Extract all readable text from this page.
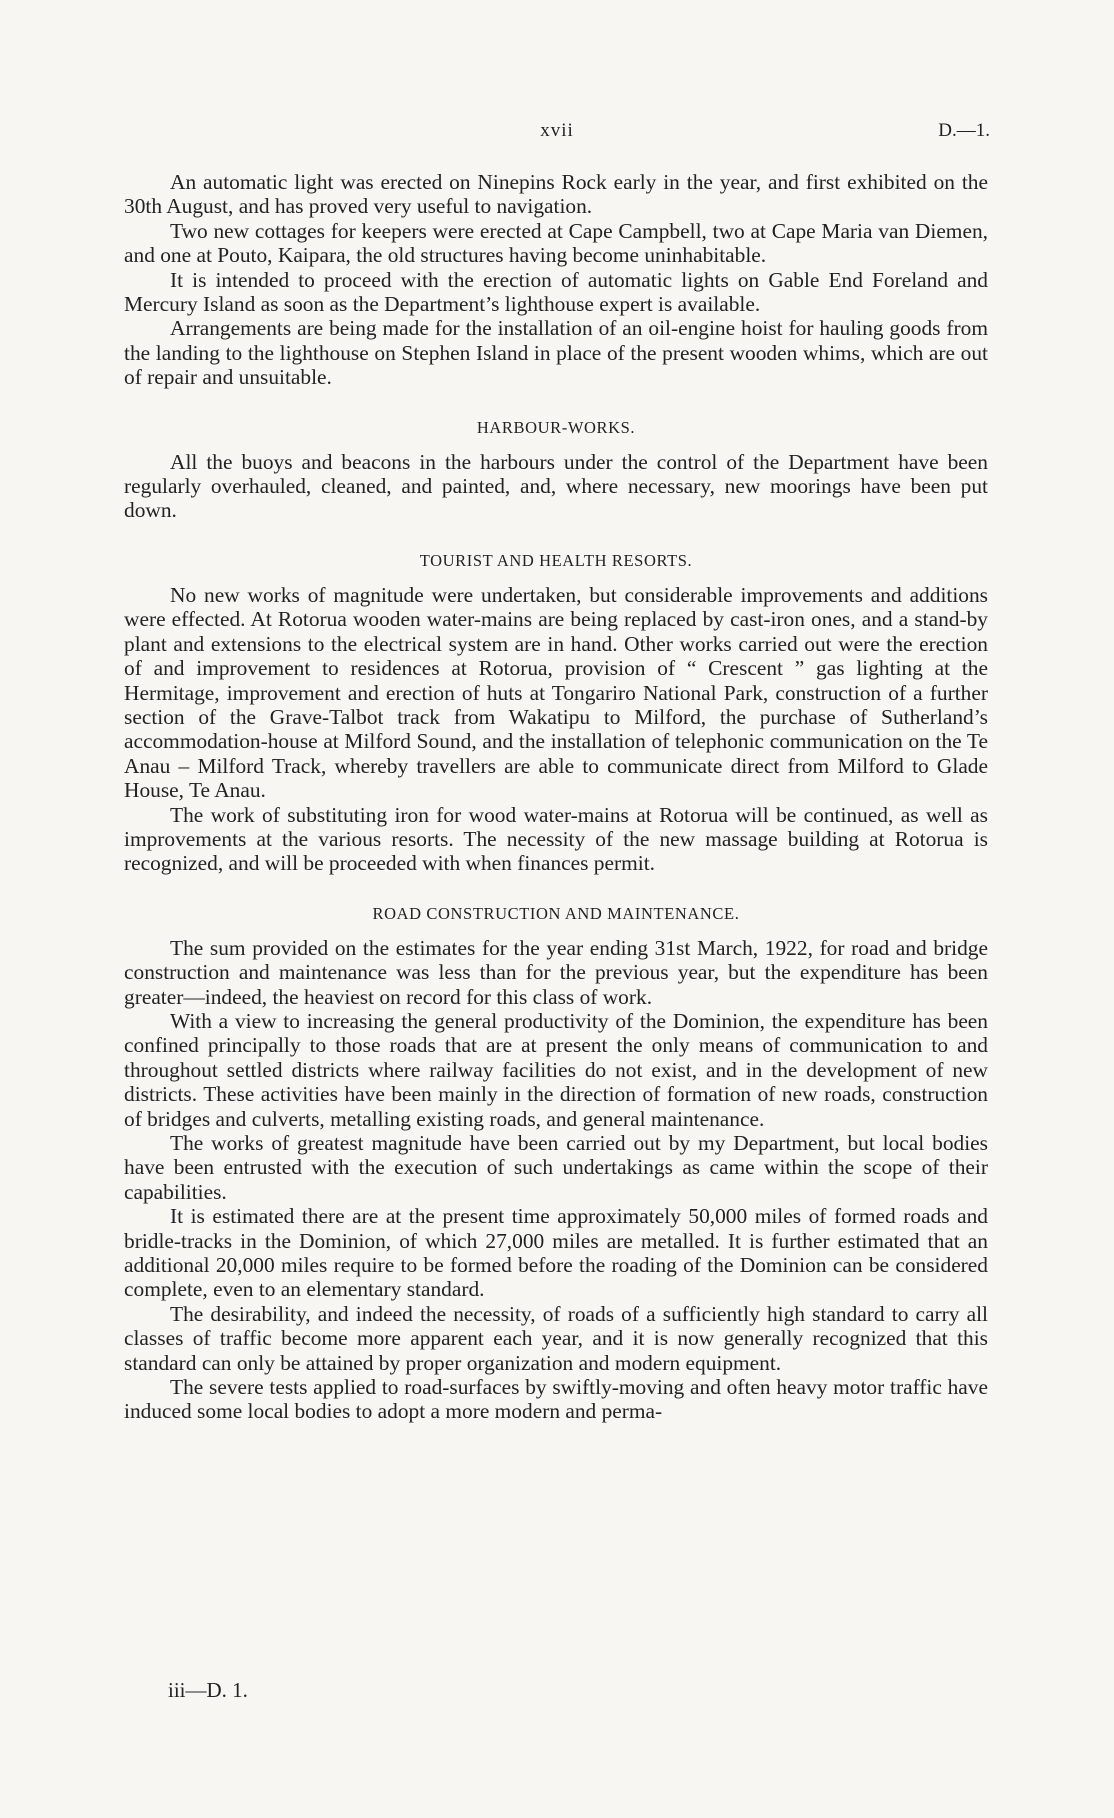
xvii	D.—1.

An automatic light was erected on Ninepins Rock early in the year, and first exhibited on the 30th August, and has proved very useful to navigation.

Two new cottages for keepers were erected at Cape Campbell, two at Cape Maria van Diemen, and one at Pouto, Kaipara, the old structures having become uninhabitable.

It is intended to proceed with the erection of automatic lights on Gable End Foreland and Mercury Island as soon as the Department’s lighthouse expert is available.

Arrangements are being made for the installation of an oil-engine hoist for hauling goods from the landing to the lighthouse on Stephen Island in place of the present wooden whims, which are out of repair and unsuitable.

HARBOUR-WORKS.

All the buoys and beacons in the harbours under the control of the Department have been regularly overhauled, cleaned, and painted, and, where necessary, new moorings have been put down.

TOURIST AND HEALTH RESORTS.

No new works of magnitude were undertaken, but considerable improvements and additions were effected. At Rotorua wooden water-mains are being replaced by cast-iron ones, and a stand-by plant and extensions to the electrical system are in hand. Other works carried out were the erection of and improvement to residences at Rotorua, provision of “ Crescent ” gas lighting at the Hermitage, improvement and erection of huts at Tongariro National Park, construction of a further section of the Grave-Talbot track from Wakatipu to Milford, the purchase of Sutherland’s accommodation-house at Milford Sound, and the installation of telephonic communication on the Te Anau – Milford Track, whereby travellers are able to communicate direct from Milford to Glade House, Te Anau.

The work of substituting iron for wood water-mains at Rotorua will be continued, as well as improvements at the various resorts. The necessity of the new massage building at Rotorua is recognized, and will be proceeded with when finances permit.

ROAD CONSTRUCTION AND MAINTENANCE.

The sum provided on the estimates for the year ending 31st March, 1922, for road and bridge construction and maintenance was less than for the previous year, but the expenditure has been greater—indeed, the heaviest on record for this class of work.

With a view to increasing the general productivity of the Dominion, the expenditure has been confined principally to those roads that are at present the only means of communication to and throughout settled districts where railway facilities do not exist, and in the development of new districts. These activities have been mainly in the direction of formation of new roads, construction of bridges and culverts, metalling existing roads, and general maintenance.

The works of greatest magnitude have been carried out by my Department, but local bodies have been entrusted with the execution of such undertakings as came within the scope of their capabilities.

It is estimated there are at the present time approximately 50,000 miles of formed roads and bridle-tracks in the Dominion, of which 27,000 miles are metalled. It is further estimated that an additional 20,000 miles require to be formed before the roading of the Dominion can be considered complete, even to an elementary standard.

The desirability, and indeed the necessity, of roads of a sufficiently high standard to carry all classes of traffic become more apparent each year, and it is now generally recognized that this standard can only be attained by proper organization and modern equipment.

The severe tests applied to road-surfaces by swiftly-moving and often heavy motor traffic have induced some local bodies to adopt a more modern and perma-

iii—D. 1.
